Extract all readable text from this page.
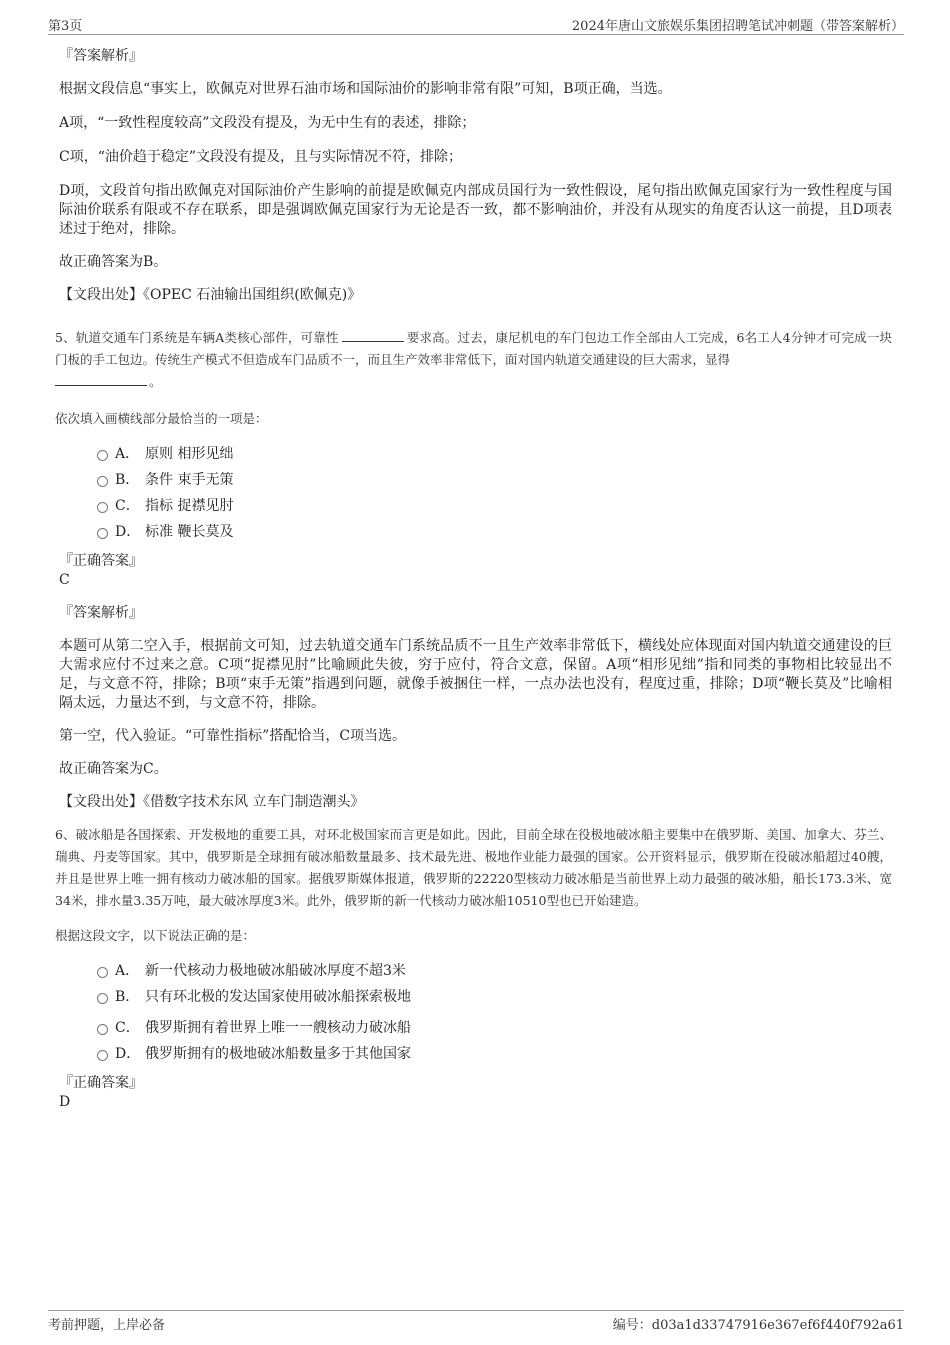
第3页	2024年唐山文旅娱乐集团招聘笔试冲刺题（带答案解析）

『答案解析』

根据文段信息“事实上，欧佩克对世界石油市场和国际油价的影响非常有限”可知，B项正确，当选。

A项，“一致性程度较高”文段没有提及，为无中生有的表述，排除；

C项，“油价趋于稳定”文段没有提及，且与实际情况不符，排除；

D项，文段首句指出欧佩克对国际油价产生影响的前提是欧佩克内部成员国行为一致性假设，尾句指出欧佩克国家行为一致性程度与国际油价联系有限或不存在联系，即是强调欧佩克国家行为无论是否一致，都不影响油价，并没有从现实的角度否认这一前提，且D项表述过于绝对，排除。

故正确答案为B。

【文段出处】《OPEC 石油输出国组织(欧佩克)》

5、轨道交通车门系统是车辆A类核心部件，可靠性	要求高。过去，康尼机电的车门包边工作全部由人工完成，6名工人4分钟才可完成一块门板的手工包边。传统生产模式不但造成车门品质不一，而且生产效率非常低下，面对国内轨道交通建设的巨大需求，显得
。

依次填入画横线部分最恰当的一项是：

A． 原则 相形见绌
B． 条件 束手无策
C． 指标 捉襟见肘
D． 标准 鞭长莫及

『正确答案』

C

『答案解析』

本题可从第二空入手，根据前文可知，过去轨道交通车门系统品质不一且生产效率非常低下，横线处应体现面对国内轨道交通建设的巨大需求应付不过来之意。C项“捉襟见肘”比喻顾此失彼，穷于应付，符合文意，保留。A项“相形见绌”指和同类的事物相比较显出不足，与文意不符，排除；B项“束手无策”指遇到问题，就像手被捆住一样，一点办法也没有，程度过重，排除；D项“鞭长莫及”比喻相隔太远，力量达不到，与文意不符，排除。

第一空，代入验证。“可靠性指标”搭配恰当，C项当选。

故正确答案为C。

【文段出处】《借数字技术东风 立车门制造潮头》

6、破冰船是各国探索、开发极地的重要工具，对环北极国家而言更是如此。因此，目前全球在役极地破冰船主要集中在俄罗斯、美国、加拿大、芬兰、瑞典、丹麦等国家。其中，俄罗斯是全球拥有破冰船数量最多、技术最先进、极地作业能力最强的国家。公开资料显示，俄罗斯在役破冰船超过40艘，并且是世界上唯一拥有核动力破冰船的国家。据俄罗斯媒体报道，俄罗斯的22220型核动力破冰船是当前世界上动力最强的破冰船，船长173.3米、宽34米，排水量3.35万吨，最大破冰厚度3米。此外，俄罗斯的新一代核动力破冰船10510型也已开始建造。

根据这段文字，以下说法正确的是：

A． 新一代核动力极地破冰船破冰厚度不超3米
B． 只有环北极的发达国家使用破冰船探索极地
C． 俄罗斯拥有着世界上唯一一艘核动力破冰船
D． 俄罗斯拥有的极地破冰船数量多于其他国家

『正确答案』

D

考前押题，上岸必备	编号：d03a1d33747916e367ef6f440f792a61
